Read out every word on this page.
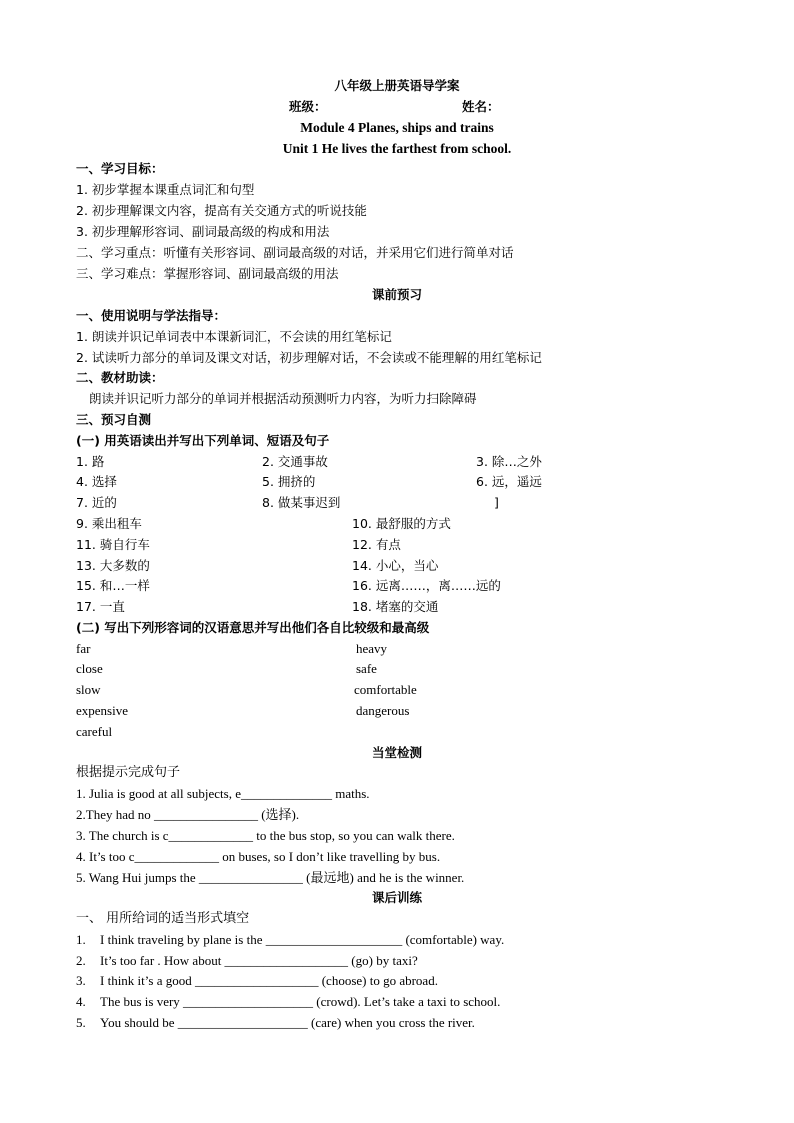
八年级上册英语导学案
班级：	姓名：
Module 4 Planes, ships and trains
Unit 1 He lives the farthest from school.
一、学习目标：
1. 初步掌握本课重点词汇和句型
2. 初步理解课文内容，提高有关交通方式的听说技能
3. 初步理解形容词、副词最高级的构成和用法
二、学习重点：听懂有关形容词、副词最高级的对话，并采用它们进行简单对话
三、学习难点：掌握形容词、副词最高级的用法
课前预习
一、使用说明与学法指导：
1. 朗读并识记单词表中本课新词汇，不会读的用红笔标记
2. 试读听力部分的单词及课文对话，初步理解对话，不会读或不能理解的用红笔标记
二、教材助读：
朗读并识记听力部分的单词并根据活动预测听力内容，为听力扫除障碍
三、预习自测
(一) 用英语读出并写出下列单词、短语及句子
1. 路	2. 交通事故	3. 除…之外
4. 选择	5. 拥挤的	6. 远，遥远
7. 近的	8. 做某事迟到	]
9. 乘出租车	10. 最舒服的方式
11. 骑自行车	12. 有点
13. 大多数的	14. 小心，当心
15. 和…一样	16. 远离……，离……远的
17. 一直	18. 堵塞的交通
(二) 写出下列形容词的汉语意思并写出他们各自比较级和最高级
far	heavy
close	safe
slow	comfortable
expensive	dangerous
careful
当堂检测
根据提示完成句子
1. Julia is good at all subjects, e______________ maths.
2.They had no ________________ (选择).
3. The church is c_____________ to the bus stop, so you can walk there.
4. It’s too c_____________ on buses, so I don’t like travelling by bus.
5. Wang Hui jumps the ________________ (最远地) and he is the winner.
课后训练
一、 用所给词的适当形式填空
1. I think traveling by plane is the _____________________ (comfortable) way.
2. It’s too far . How about ___________________ (go) by taxi?
3. I think it’s a good ___________________ (choose) to go abroad.
4. The bus is very ____________________ (crowd). Let’s take a taxi to school.
5. You should be ____________________ (care) when you cross the river.
